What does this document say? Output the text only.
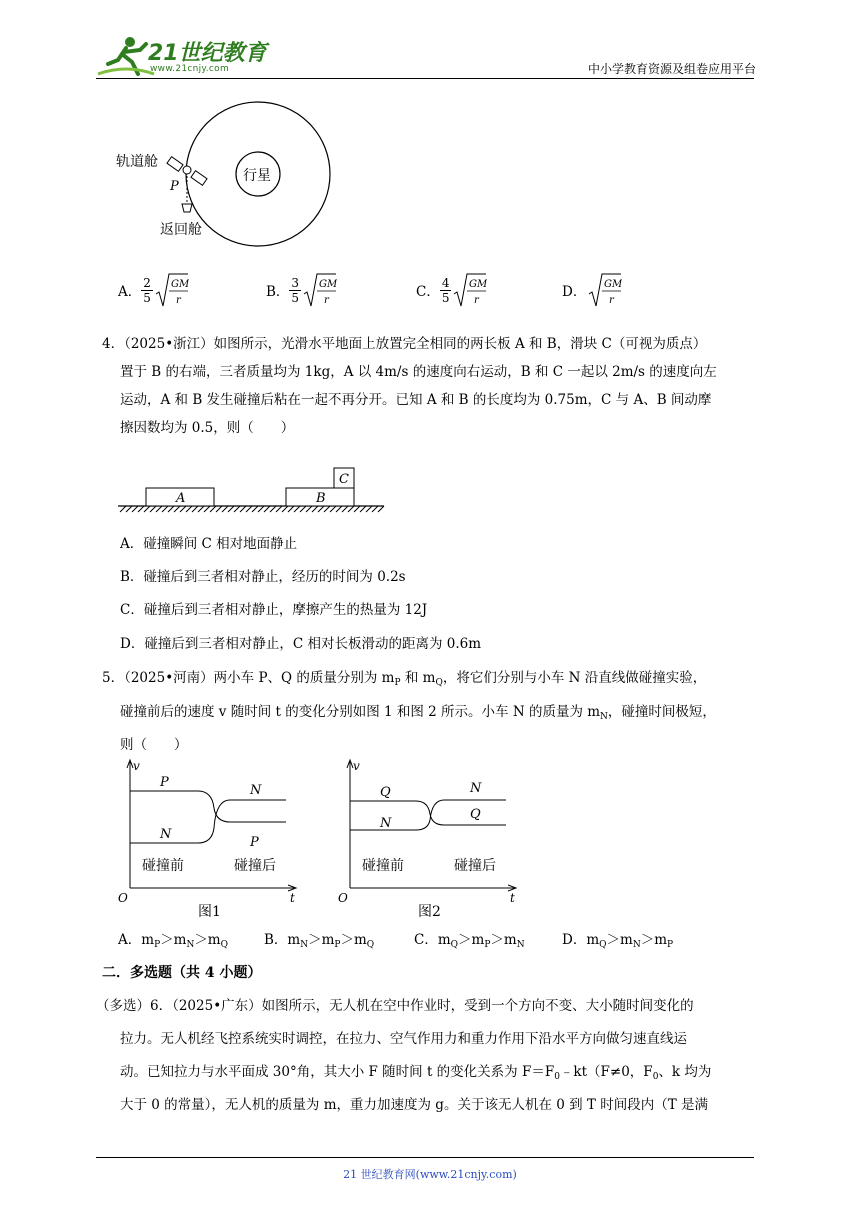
21世纪教育
www.21cnjy.com	中小学教育资源及组卷应用平台
行星
轨道舱
P
返回舱
A． $\frac{2}{5}$ GM
r
B． $\frac{3}{5}$ GM
r
C． $\frac{4}{5}$ GM
r
D． GM
r
4．（2025•浙江）如图所示，光滑水平地面上放置完全相同的两长板 A 和 B，滑块 C（可视为质点）
置于 B 的右端，三者质量均为 1kg，A 以 4m/s 的速度向右运动，B 和 C 一起以 2m/s 的速度向左
运动，A 和 B 发生碰撞后粘在一起不再分开。已知 A 和 B 的长度均为 0.75m，C 与 A、B 间动摩
擦因数均为 0.5，则（　　）
A	B
C
A．碰撞瞬间 C 相对地面静止
B．碰撞后到三者相对静止，经历的时间为 0.2s
C．碰撞后到三者相对静止，摩擦产生的热量为 12J
D．碰撞后到三者相对静止，C 相对长板滑动的距离为 0.6m
5．（2025•河南）两小车 P、Q 的质量分别为 $m_P$ 和 $m_Q$，将它们分别与小车 N 沿直线做碰撞实验，
碰撞前后的速度 v 随时间 t 的变化分别如图 1 和图 2 所示。小车 N 的质量为 $m_N$，碰撞时间极短，
则（　　）
v
t
O
P
N
N
P
碰撞前	碰撞后
图1
v
t
O
Q
N
N
Q
碰撞前	碰撞后
图2
A．$m_P>m_N>m_Q$	B．$m_N>m_P>m_Q$	C．$m_Q>m_P>m_N$	D．$m_Q>m_N>m_P$
二．多选题（共 4 小题）
（多选）6．（2025•广东）如图所示，无人机在空中作业时，受到一个方向不变、大小随时间变化的
拉力。无人机经飞控系统实时调控，在拉力、空气作用力和重力作用下沿水平方向做匀速直线运
动。已知拉力与水平面成 30°角，其大小 F 随时间 t 的变化关系为 $F=F_0﹣kt(F\ne 0$，$F_0$、k 均为
大于 0 的常量），无人机的质量为 m，重力加速度为 g。关于该无人机在 0 到 T 时间段内（T 是满
21 世纪教育网(www.21cnjy.com)
